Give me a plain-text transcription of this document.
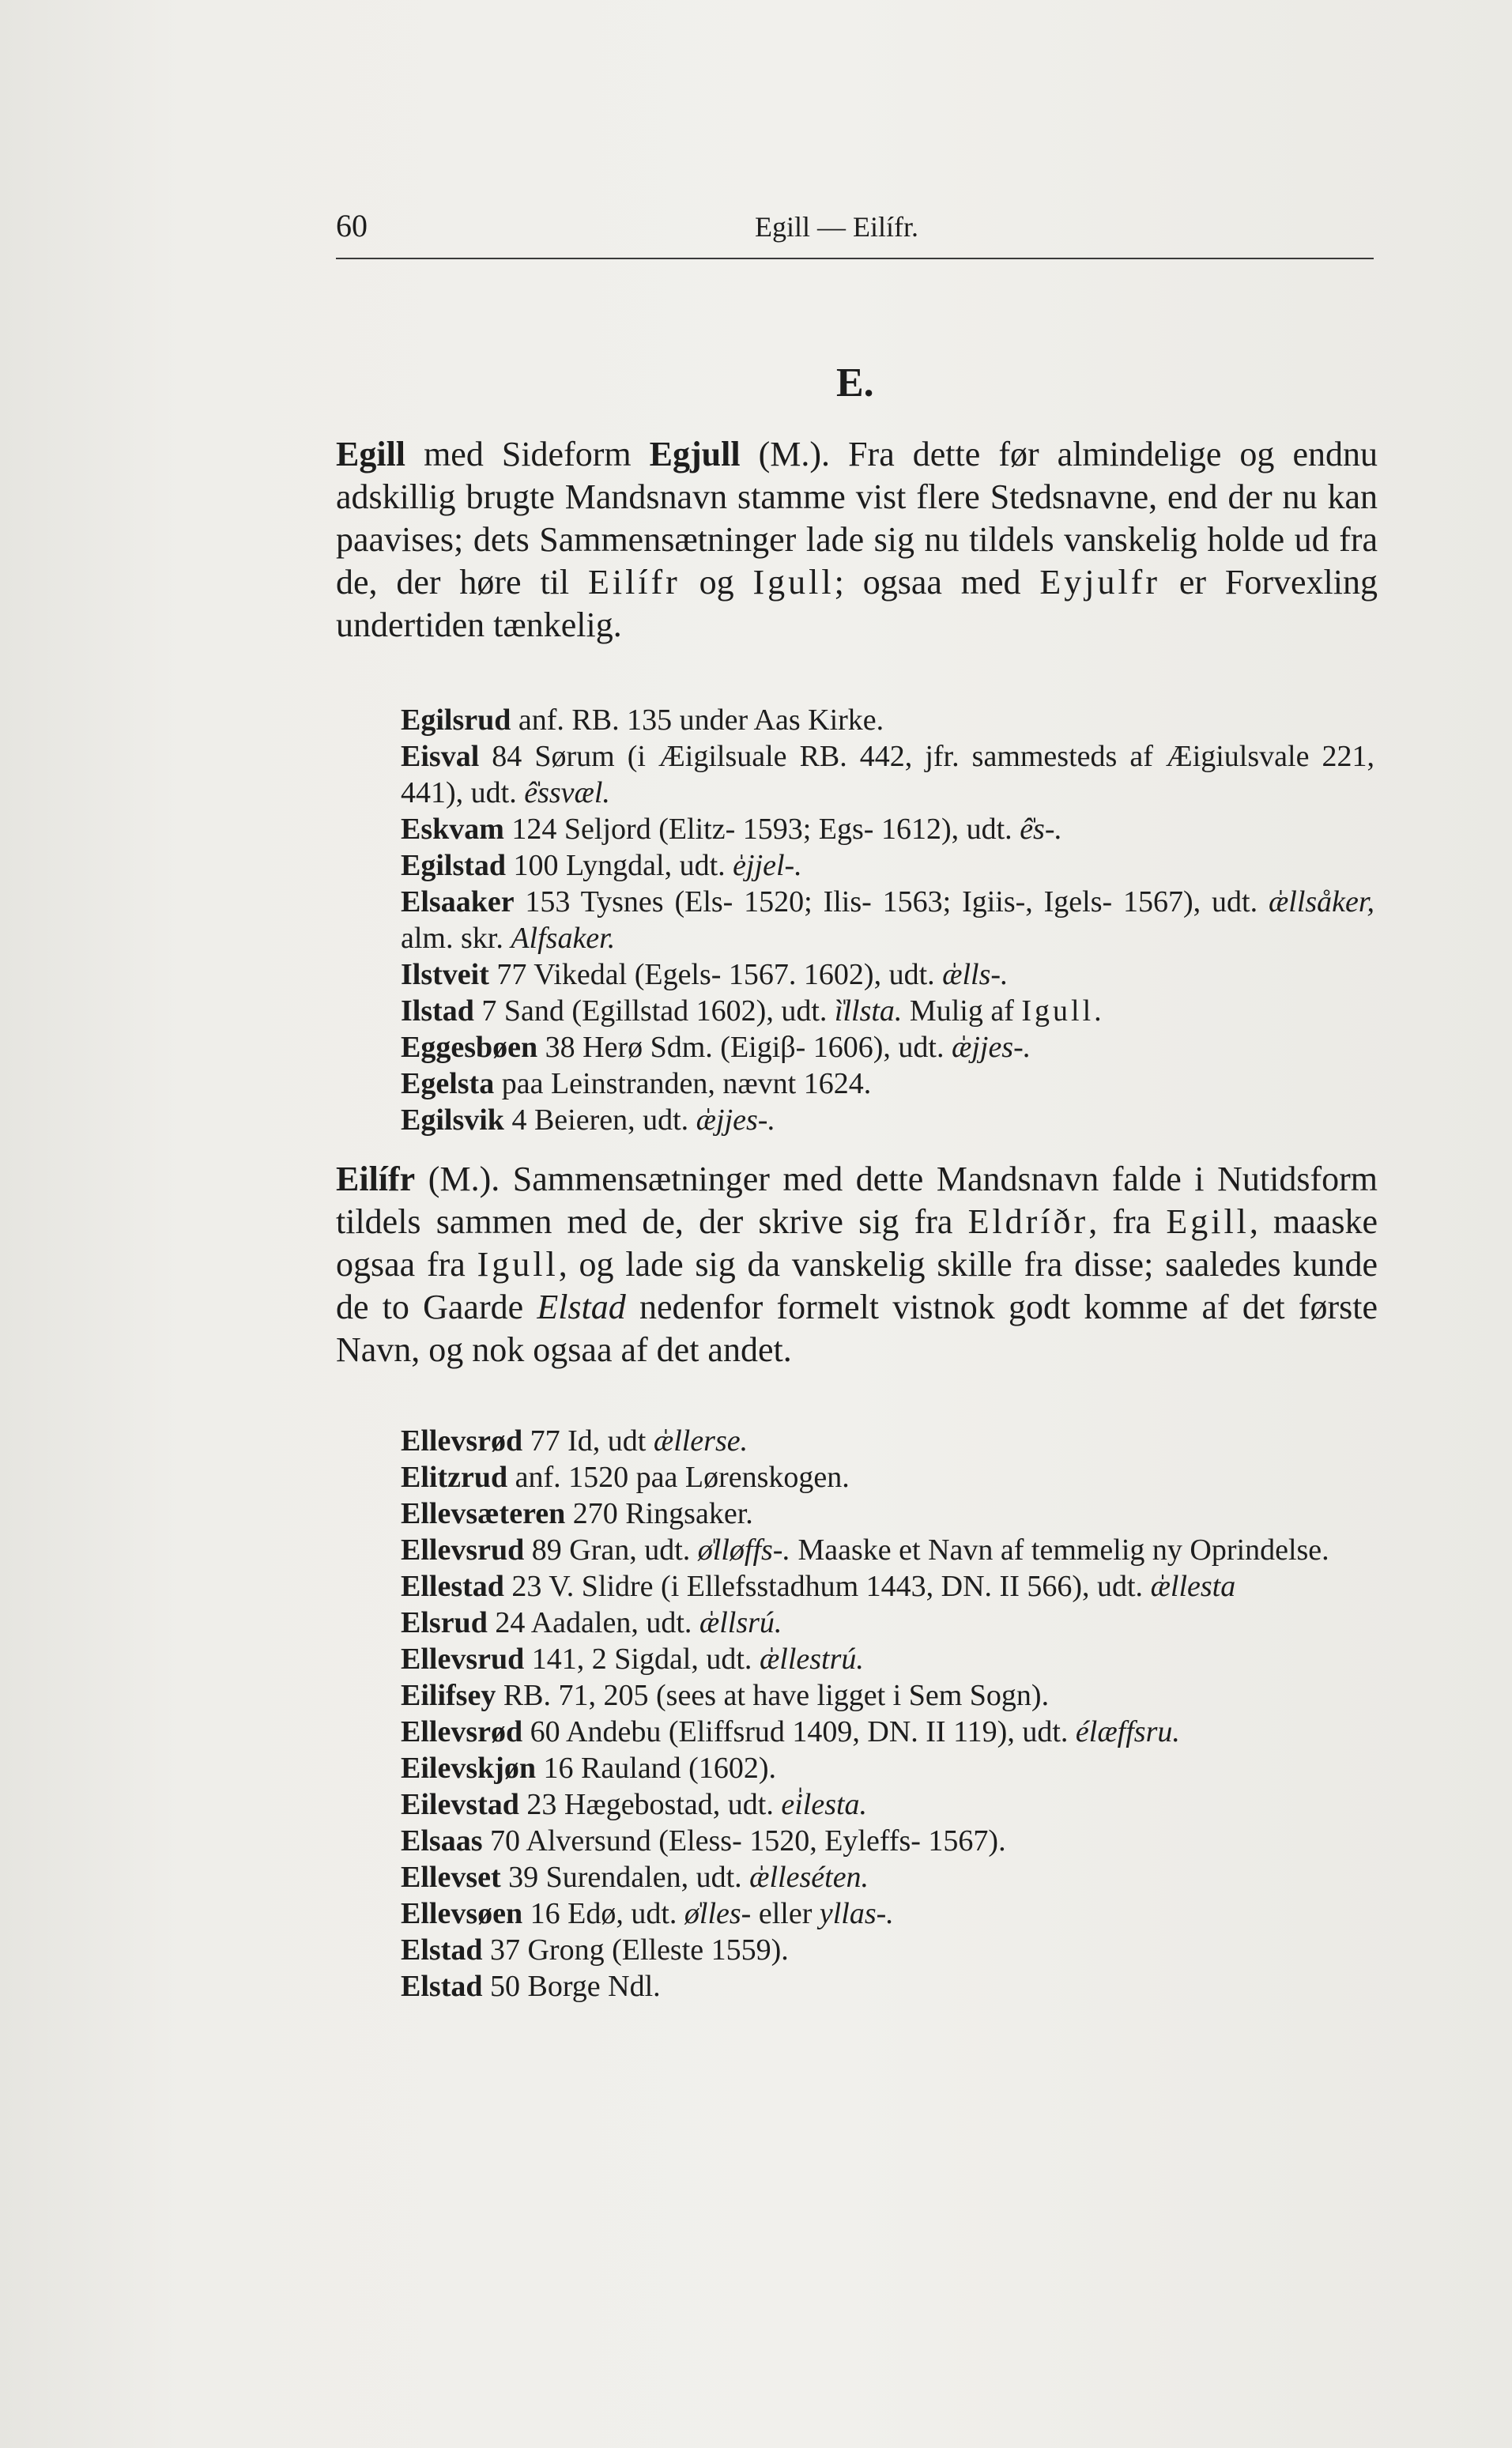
60	Egill — Eilífr.
E.
Egill med Sideform Egjull (M.). Fra dette før almindelige og endnu adskillig brugte Mandsnavn stamme vist flere Stedsnavne, end der nu kan paavises; dets Sammensætninger lade sig nu tildels vanskelig holde ud fra de, der høre til Eilífr og Igull; ogsaa med Eyjulfr er Forvexling undertiden tænkelig.
Egilsrud anf. RB. 135 under Aas Kirke.
Eisval 84 Sørum (i Æigilsuale RB. 442, jfr. sammesteds af Æigiulsvale 221, 441), udt. ê̍ssvæl.
Eskvam 124 Seljord (Elitz- 1593; Egs- 1612), udt. ê̍s-.
Egilstad 100 Lyngdal, udt. e̍jjel-.
Elsaaker 153 Tysnes (Els- 1520; Ilis- 1563; Igiis-, Igels- 1567), udt. æ̍llsåker, alm. skr. Alfsaker.
Ilstveit 77 Vikedal (Egels- 1567. 1602), udt. æ̍lls-.
Ilstad 7 Sand (Egillstad 1602), udt. ì̍llsta. Mulig af Igull.
Eggesbøen 38 Herø Sdm. (Eigiβ- 1606), udt. æ̍jjes-.
Egelsta paa Leinstranden, nævnt 1624.
Egilsvik 4 Beieren, udt. æ̍jjes-.
Eilífr (M.). Sammensætninger med dette Mandsnavn falde i Nutidsform tildels sammen med de, der skrive sig fra Eldríðr, fra Egill, maaske ogsaa fra Igull, og lade sig da vanskelig skille fra disse; saaledes kunde de to Gaarde Elstad nedenfor formelt vistnok godt komme af det første Navn, og nok ogsaa af det andet.
Ellevsrød 77 Id, udt æ̍llerse.
Elitzrud anf. 1520 paa Lørenskogen.
Ellevsæteren 270 Ringsaker.
Ellevsrud 89 Gran, udt. ø̍lløffs-. Maaske et Navn af temmelig ny Oprindelse.
Ellestad 23 V. Slidre (i Ellefsstadhum 1443, DN. II 566), udt. æ̍llesta
Elsrud 24 Aadalen, udt. æ̍llsrú.
Ellevsrud 141, 2 Sigdal, udt. æ̍llestrú.
Eilifsey RB. 71, 205 (sees at have ligget i Sem Sogn).
Ellevsrød 60 Andebu (Eliffsrud 1409, DN. II 119), udt. élæffsru.
Eilevskjøn 16 Rauland (1602).
Eilevstad 23 Hægebostad, udt. ei̍lesta.
Elsaas 70 Alversund (Eless- 1520, Eyleffs- 1567).
Ellevset 39 Surendalen, udt. æ̍lleséten.
Ellevsøen 16 Edø, udt. ø̍lles- eller yllas-.
Elstad 37 Grong (Elleste 1559).
Elstad 50 Borge Ndl.
